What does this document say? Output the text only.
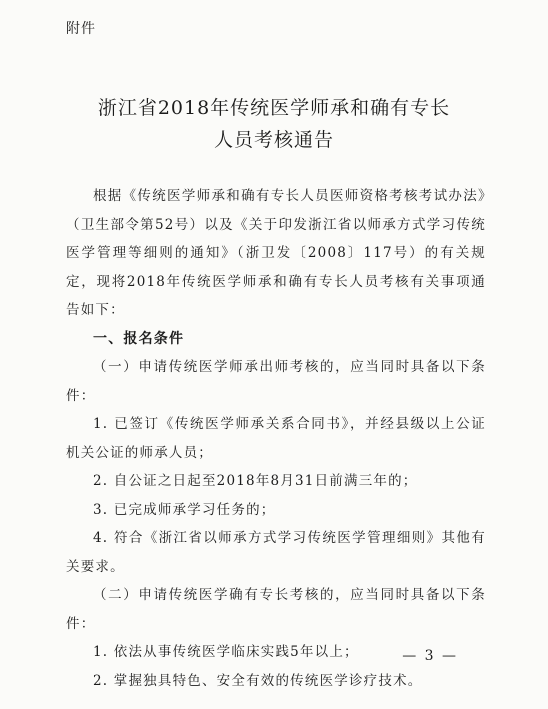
附件
浙江省2018年传统医学师承和确有专长
人员考核通告

根据《传统医学师承和确有专长人员医师资格考核考试办法》（卫生部令第52号）以及《关于印发浙江省以师承方式学习传统医学管理等细则的通知》（浙卫发〔2008〕117号）的有关规定，现将2018年传统医学师承和确有专长人员考核有关事项通告如下：

一、报名条件

（一）申请传统医学师承出师考核的，应当同时具备以下条件：

1. 已签订《传统医学师承关系合同书》，并经县级以上公证机关公证的师承人员；

2. 自公证之日起至2018年8月31日前满三年的；

3. 已完成师承学习任务的；

4. 符合《浙江省以师承方式学习传统医学管理细则》其他有关要求。

（二）申请传统医学确有专长考核的，应当同时具备以下条件：

1. 依法从事传统医学临床实践5年以上；

2. 掌握独具特色、安全有效的传统医学诊疗技术。

— 3 —
